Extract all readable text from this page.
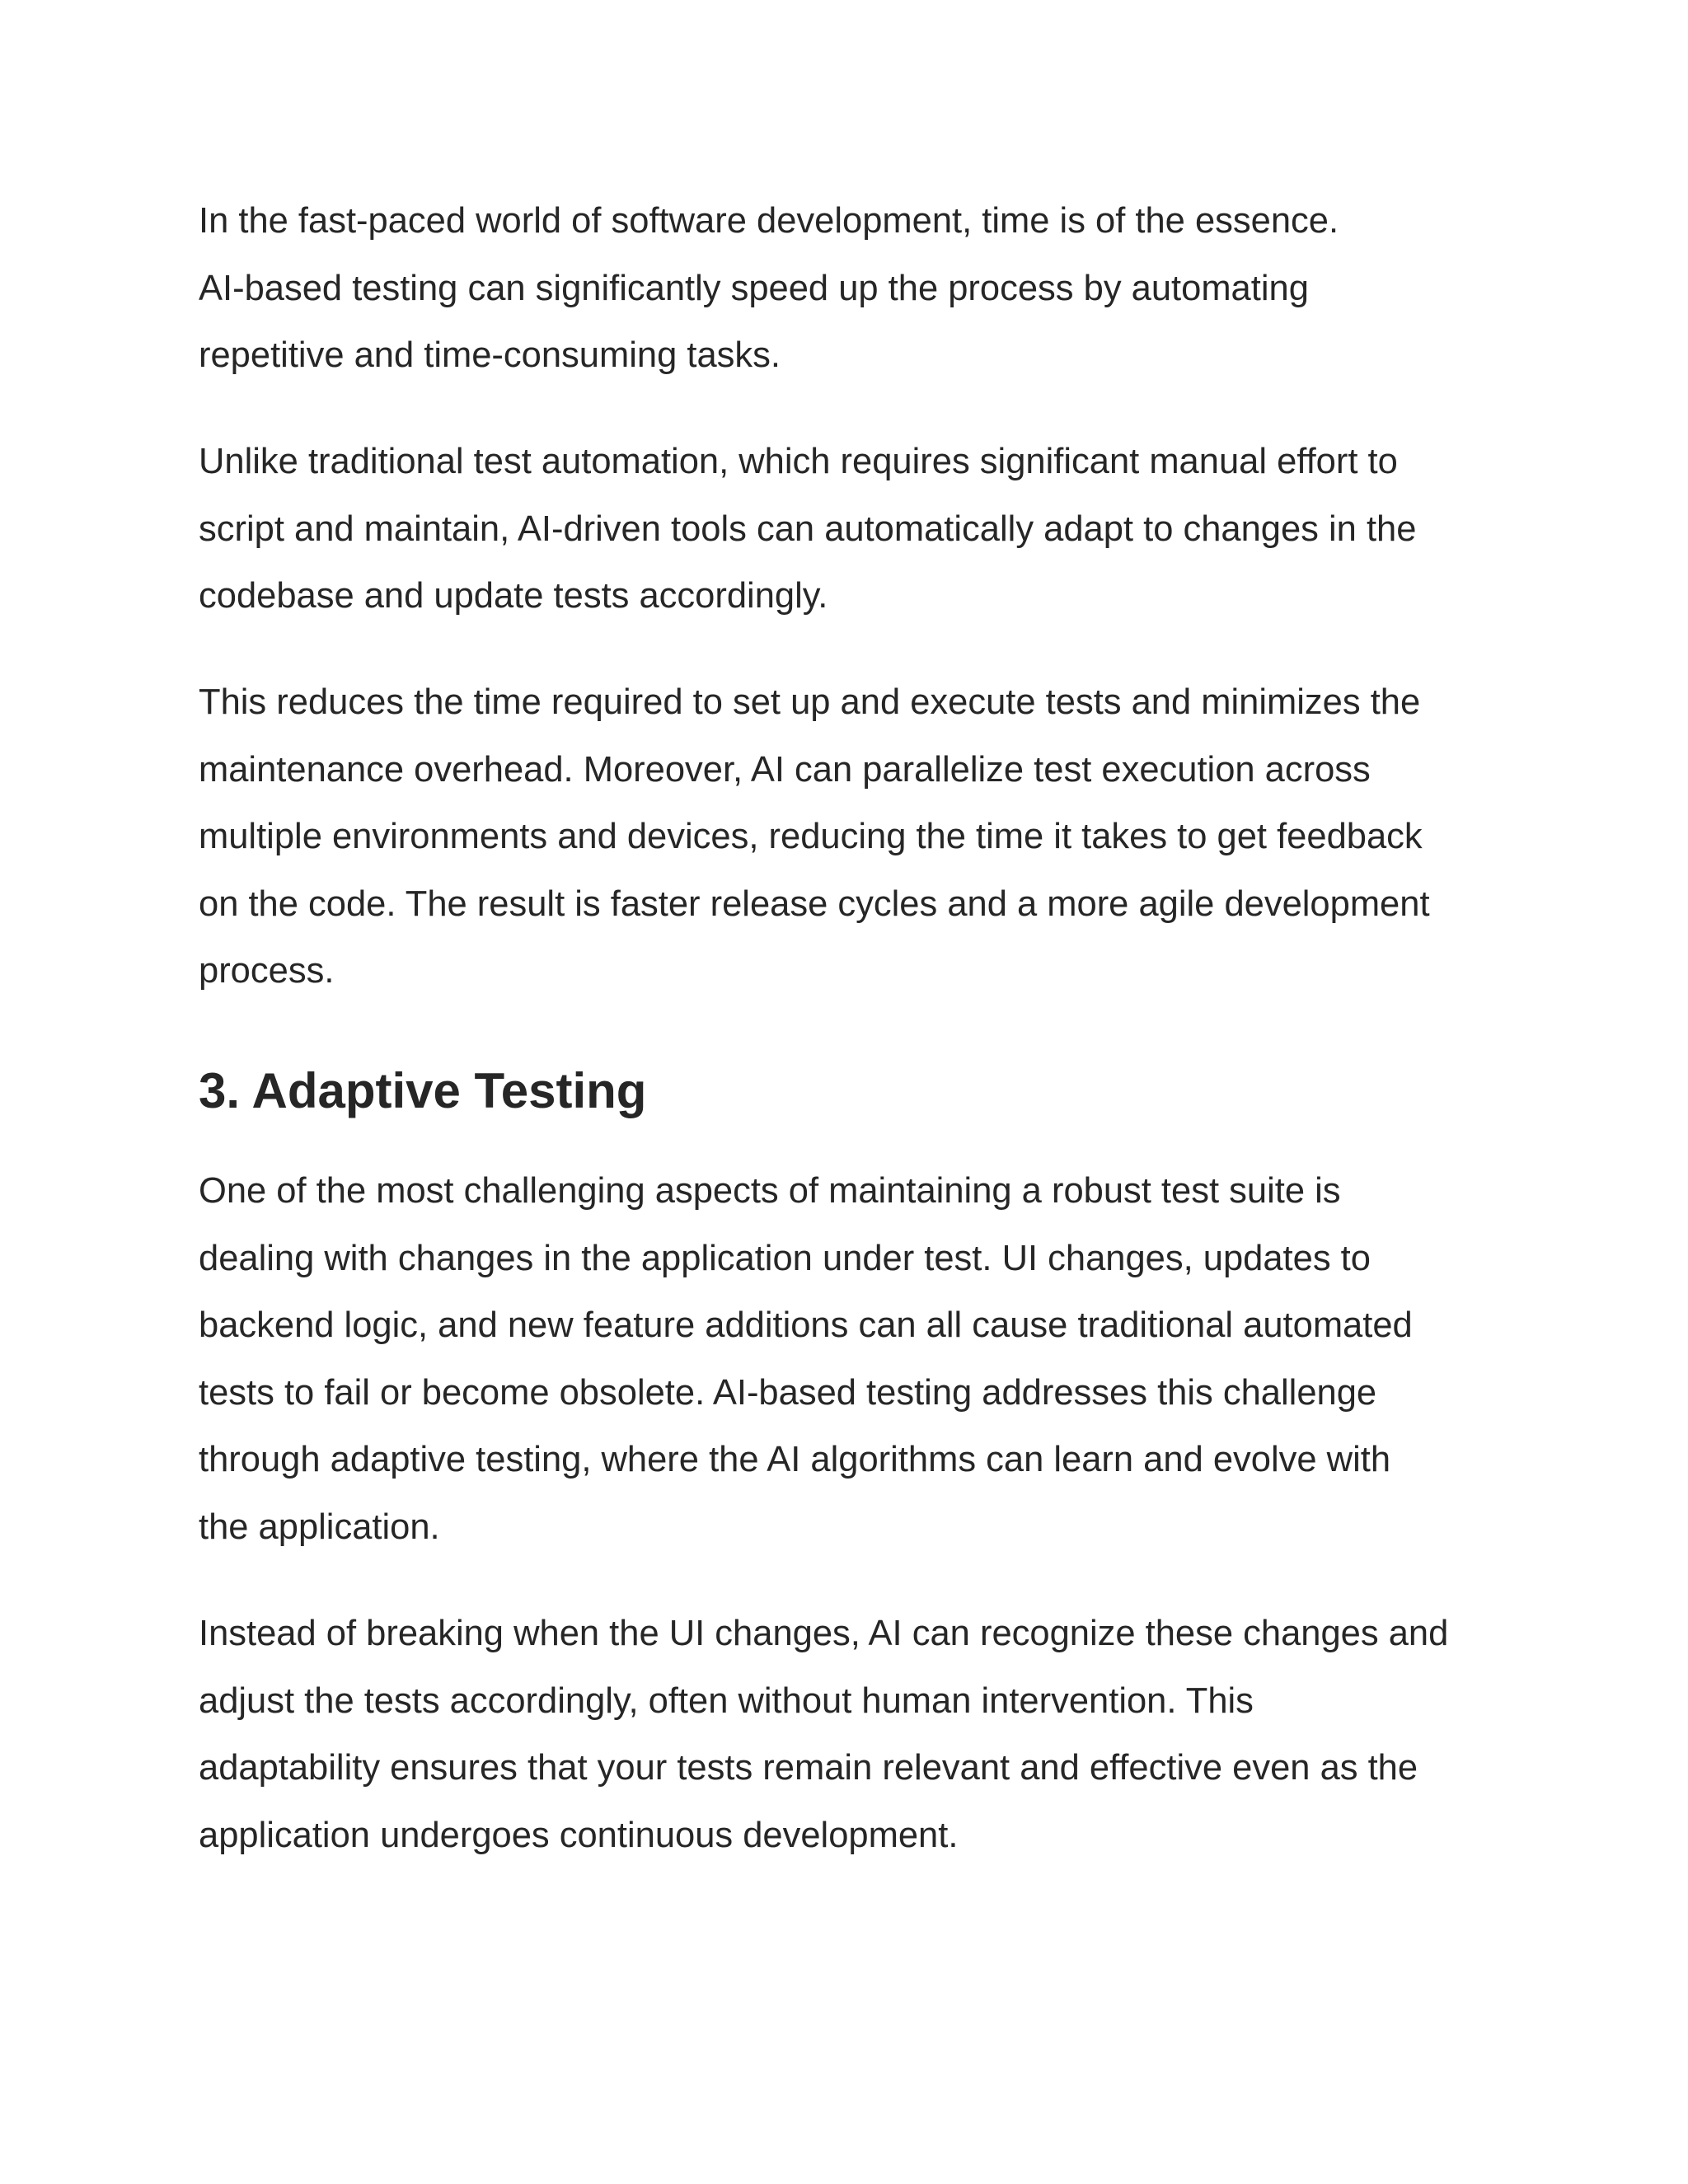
In the fast-paced world of software development, time is of the essence.
AI-based testing can significantly speed up the process by automating
repetitive and time-consuming tasks.

Unlike traditional test automation, which requires significant manual effort to
script and maintain, AI-driven tools can automatically adapt to changes in the
codebase and update tests accordingly.

This reduces the time required to set up and execute tests and minimizes the
maintenance overhead. Moreover, AI can parallelize test execution across
multiple environments and devices, reducing the time it takes to get feedback
on the code. The result is faster release cycles and a more agile development
process.

3. Adaptive Testing

One of the most challenging aspects of maintaining a robust test suite is
dealing with changes in the application under test. UI changes, updates to
backend logic, and new feature additions can all cause traditional automated
tests to fail or become obsolete. AI-based testing addresses this challenge
through adaptive testing, where the AI algorithms can learn and evolve with
the application.

Instead of breaking when the UI changes, AI can recognize these changes and
adjust the tests accordingly, often without human intervention. This
adaptability ensures that your tests remain relevant and effective even as the
application undergoes continuous development.
